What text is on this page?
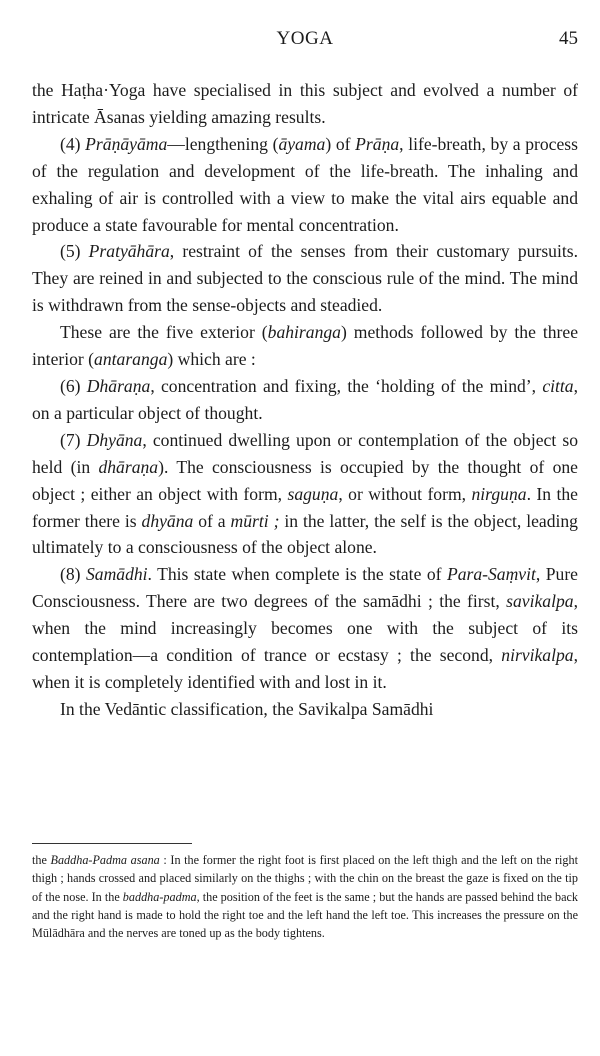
YOGA	45

the Haṭha·Yoga have specialised in this subject and evolved a number of intricate Āsanas yielding amazing results.

(4) Prāṇāyāma—lengthening (āyama) of Prāṇa, life-breath, by a process of the regulation and development of the life-breath. The inhaling and exhaling of air is controlled with a view to make the vital airs equable and produce a state favourable for mental concentration.

(5) Pratyāhāra, restraint of the senses from their customary pursuits. They are reined in and subjected to the conscious rule of the mind. The mind is withdrawn from the sense-objects and steadied.

These are the five exterior (bahiranga) methods followed by the three interior (antaranga) which are :

(6) Dhāraṇa, concentration and fixing, the ‘holding of the mind’, citta, on a particular object of thought.

(7) Dhyāna, continued dwelling upon or contemplation of the object so held (in dhāraṇa). The consciousness is occupied by the thought of one object ; either an object with form, saguṇa, or without form, nirguṇa. In the former there is dhyāna of a mūrti ; in the latter, the self is the object, leading ultimately to a consciousness of the object alone.

(8) Samādhi. This state when complete is the state of Para-Saṃvit, Pure Consciousness. There are two degrees of the samādhi ; the first, savikalpa, when the mind increasingly becomes one with the subject of its contemplation—a condition of trance or ecstasy ; the second, nirvikalpa, when it is completely identified with and lost in it.

In the Vedāntic classification, the Savikalpa Samādhi

the Baddha-Padma asana : In the former the right foot is first placed on the left thigh and the left on the right thigh ; hands crossed and placed similarly on the thighs ; with the chin on the breast the gaze is fixed on the tip of the nose. In the baddha-padma, the position of the feet is the same ; but the hands are passed behind the back and the right hand is made to hold the right toe and the left hand the left toe. This increases the pressure on the Mūlādhāra and the nerves are toned up as the body tightens.
